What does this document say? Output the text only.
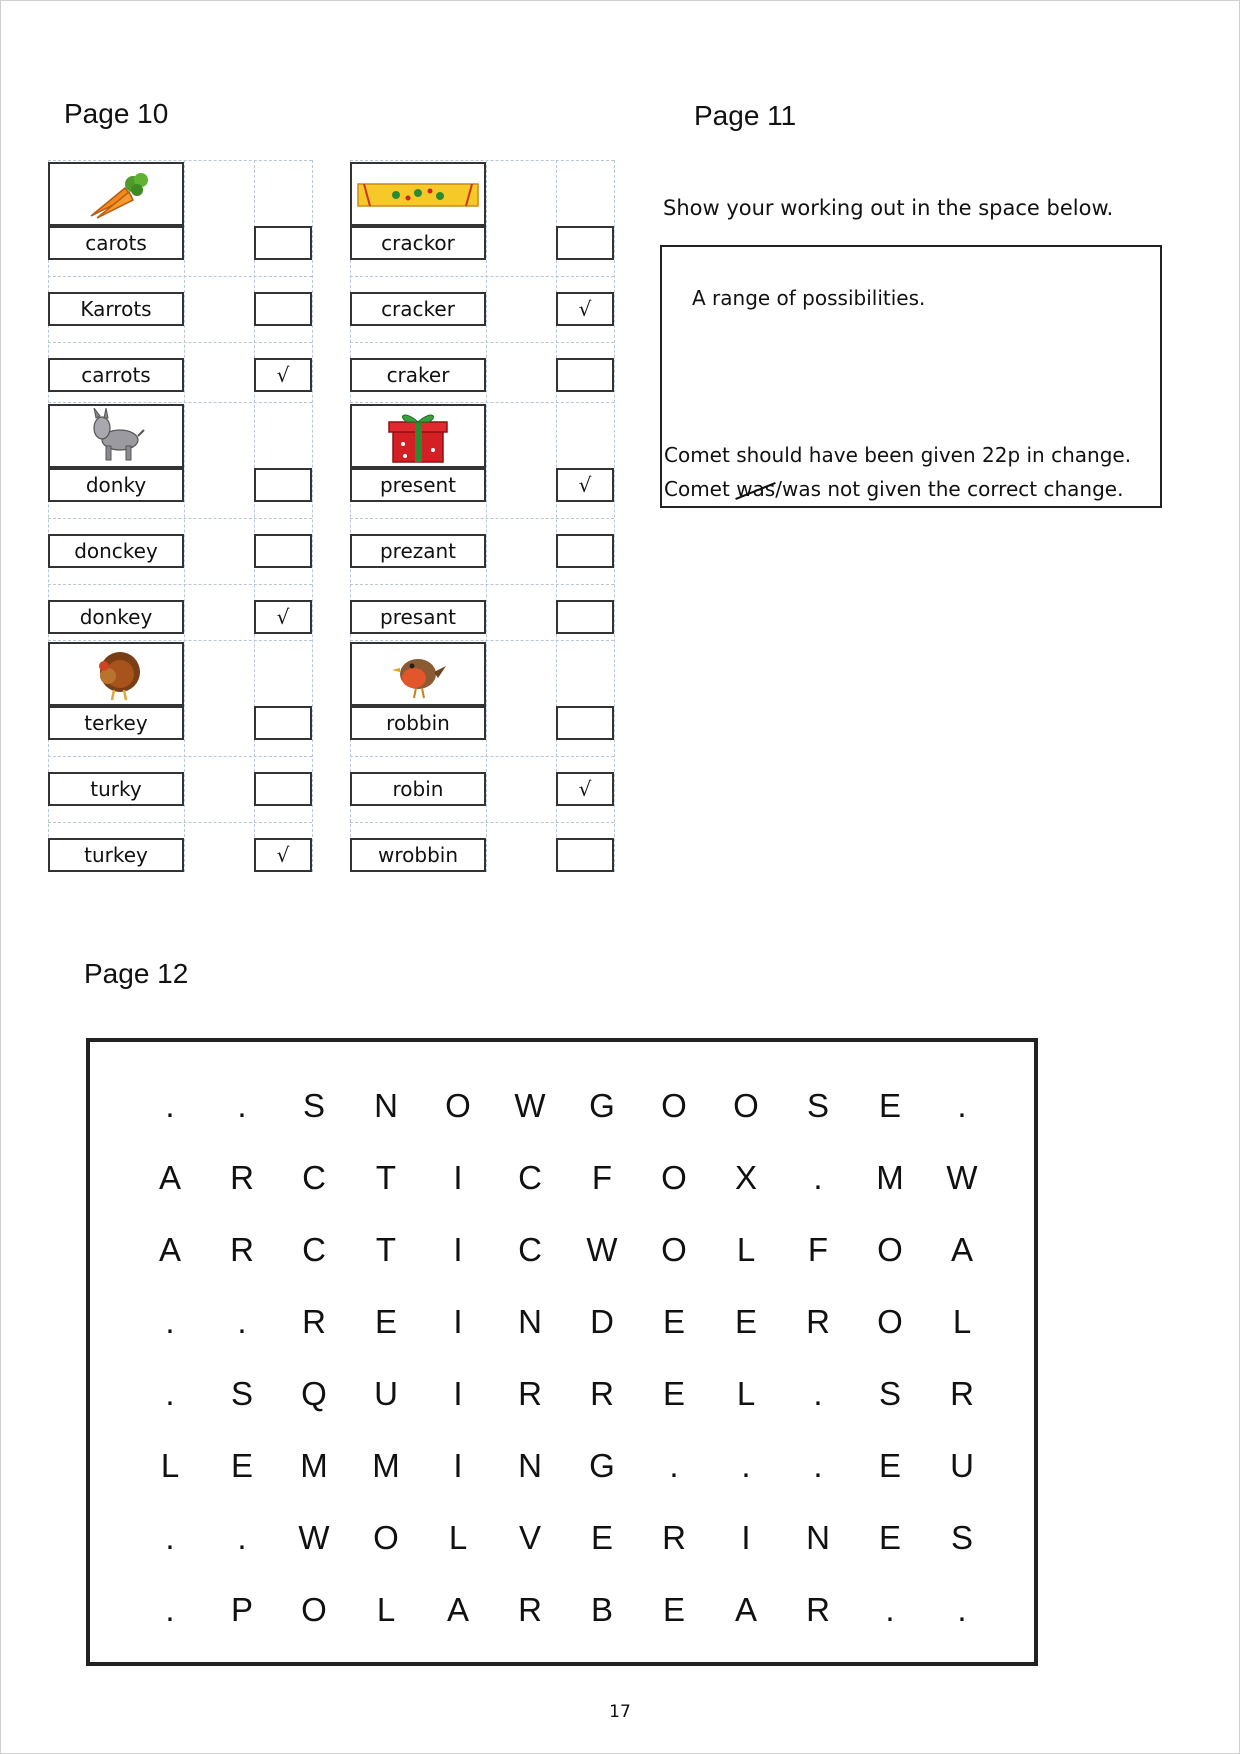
Page 10	Page 11
Page 12
carots
Karrots
carrots	√
donky
donckey
donkey	√
terkey
turky
turkey	√
crackor
cracker	√
craker
present	√
prezant
presant
robbin
robin	√
wrobbin
Show your working out in the space below.
A range of possibilities.
Comet should have been given 22p in change.
Comet was/was not given the correct change.
.	.	S	N	O	W	G	O	O	S	E	.
A	R	C	T	I	C	F	O	X	.	M	W
A	R	C	T	I	C	W	O	L	F	O	A
.	.	R	E	I	N	D	E	E	R	O	L
.	S	Q	U	I	R	R	E	L	.	S	R
L	E	M	M	I	N	G	.	.	.	E	U
.	.	W	O	L	V	E	R	I	N	E	S
.	P	O	L	A	R	B	E	A	R	.	.
17
